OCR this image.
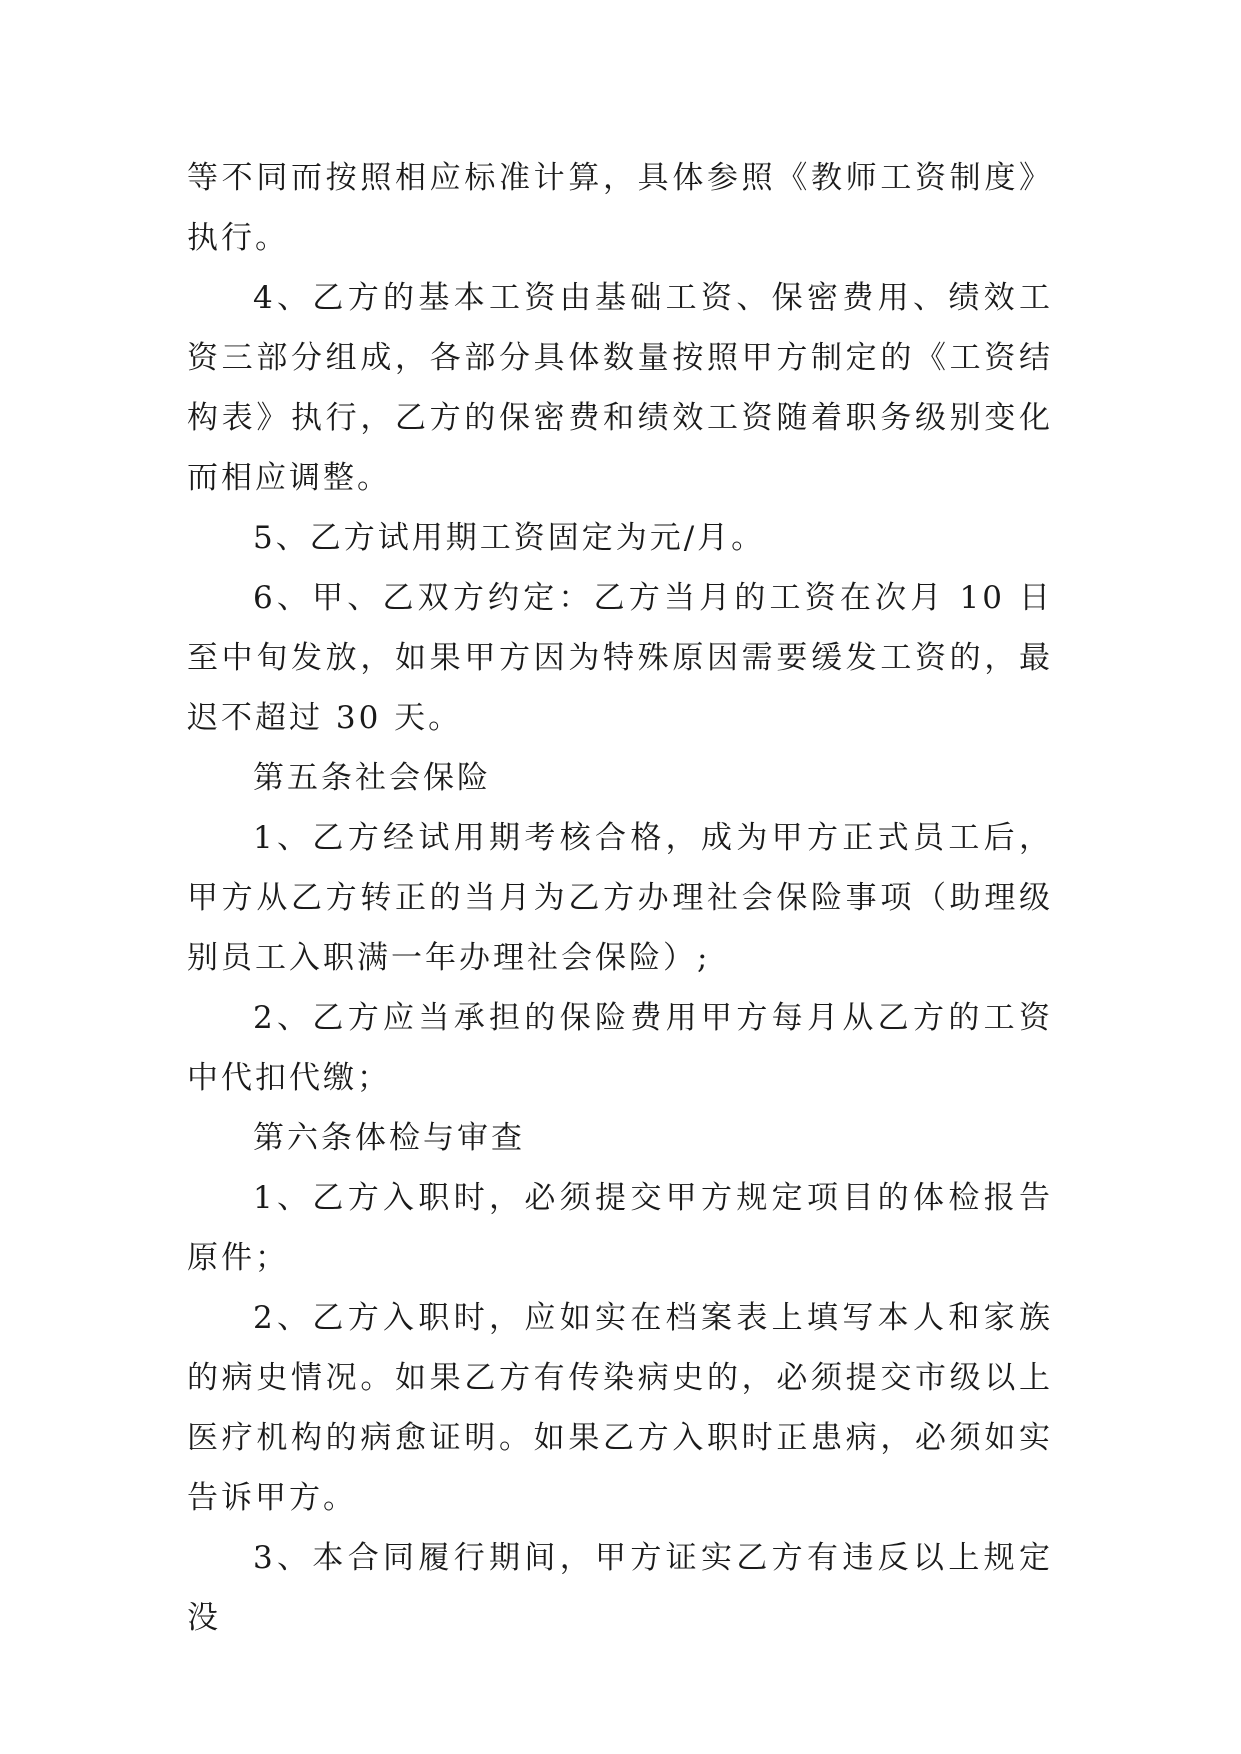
等不同而按照相应标准计算，具体参照《教师工资制度》执行。

4、乙方的基本工资由基础工资、保密费用、绩效工资三部分组成，各部分具体数量按照甲方制定的《工资结构表》执行，乙方的保密费和绩效工资随着职务级别变化而相应调整。

5、乙方试用期工资固定为元/月。

6、甲、乙双方约定：乙方当月的工资在次月 10 日至中旬发放，如果甲方因为特殊原因需要缓发工资的，最迟不超过 30 天。

第五条社会保险

1、乙方经试用期考核合格，成为甲方正式员工后，甲方从乙方转正的当月为乙方办理社会保险事项（助理级别员工入职满一年办理社会保险）;

2、乙方应当承担的保险费用甲方每月从乙方的工资中代扣代缴；

第六条体检与审查

1、乙方入职时，必须提交甲方规定项目的体检报告原件；

2、乙方入职时，应如实在档案表上填写本人和家族的病史情况。如果乙方有传染病史的，必须提交市级以上医疗机构的病愈证明。如果乙方入职时正患病，必须如实告诉甲方。

3、本合同履行期间，甲方证实乙方有违反以上规定没
